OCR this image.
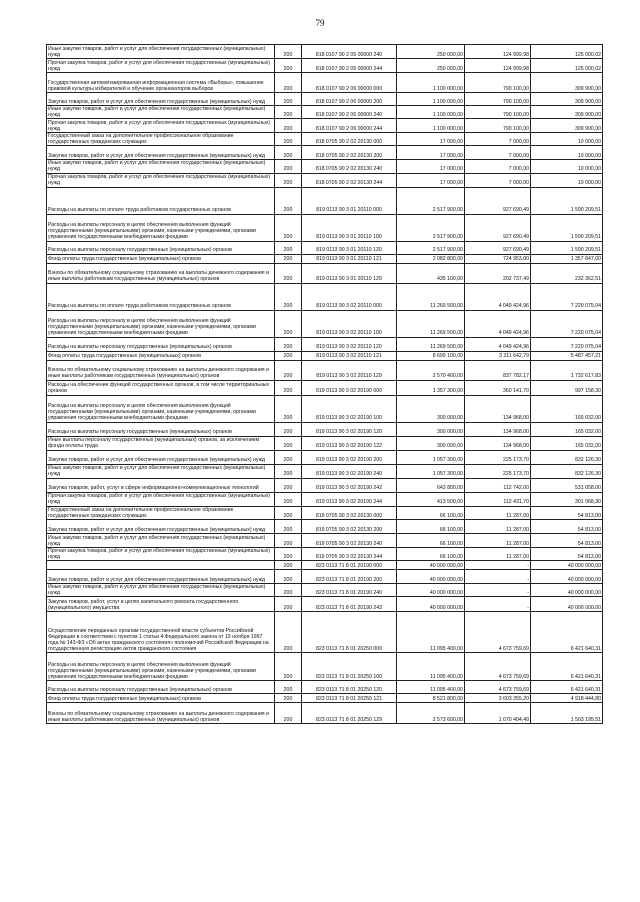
79
Иные закупки товаров, работ и услуг для обеспечения государственных (муниципальных) нужд	200	818 0107 90 2 05 00000 240	250 000,00	124 999,98	125 000,02
Прочая закупка товаров, работ и услуг для обеспечения государственных (муниципальных) нужд	200	818 0107 90 2 05 00000 244	250 000,00	124 999,98	125 000,02
Государственная автоматизированная информационная система «Выборы», повышение правовой культуры избирателей и обучение организаторов выборов	200	818 0107 90 2 06 00000 000	1 100 000,00	790 100,00	309 900,00
Закупка товаров, работ и услуг для обеспечения государственных (муниципальных) нужд	200	818 0107 90 2 06 00000 200	1 100 000,00	790 100,00	309 900,00
Иные закупки товаров, работ и услуг для обеспечения государственных (муниципальных) нужд	200	818 0107 90 2 06 00000 240	1 100 000,00	790 100,00	309 900,00
Прочая закупка товаров, работ и услуг для обеспечения государственных (муниципальных) нужд	200	818 0107 90 2 06 00000 244	1 100 000,00	790 100,00	309 900,00
Государственный заказ на дополнительное профессиональное образование государственных гражданских служащих	200	818 0705 90 2 02 20130 000	17 000,00	7 000,00	10 000,00
Закупка товаров, работ и услуг для обеспечения государственных (муниципальных) нужд	200	818 0705 90 2 02 20130 200	17 000,00	7 000,00	10 000,00
Иные закупки товаров, работ и услуг для обеспечения государственных (муниципальных) нужд	200	818 0705 90 2 02 20130 240	17 000,00	7 000,00	10 000,00
Прочая закупка товаров, работ и услуг для обеспечения государственных (муниципальных) нужд	200	818 0705 90 2 02 20130 244	17 000,00	7 000,00	10 000,00
Расходы на выплаты по оплате труда работников государственных органов	200	819 0113 90 3 01 20110 000	2 517 900,00	927 690,49	1 590 209,51
Расходы на выплаты персоналу в целях обеспечения выполнения функций государственными (муниципальными) органами, казенными учреждениями, органами управления государственными внебюджетными фондами	200	819 0113 90 3 01 20110 100	2 517 900,00	927 690,49	1 590 209,51
Расходы на выплаты персоналу государственных (муниципальных) органов	200	819 0113 90 3 01 20110 120	2 517 900,00	927 690,49	1 590 209,51
Фонд оплаты труда государственных (муниципальных) органов	200	819 0113 90 3 01 20110 121	2 082 800,00	724 953,00	1 357 847,00
Взносы по обязательному социальному страхованию на выплаты денежного содержания и иные выплаты работникам государственных (муниципальных) органов	200	819 0113 90 3 01 20110 129	435 100,00	202 737,49	232 362,51
Расходы на выплаты по оплате труда работников государственных органов	200	819 0113 90 3 02 20110 000	11 269 500,00	4 049 424,96	7 220 075,04
Расходы на выплаты персоналу в целях обеспечения выполнения функций государственными (муниципальными) органами, казенными учреждениями, органами управления государственными внебюджетными фондами	200	819 0113 90 3 02 20110 100	11 269 500,00	4 049 424,96	7 220 075,04
Расходы на выплаты персоналу государственных (муниципальных) органов	200	819 0113 90 3 02 20110 120	11 269 500,00	4 049 424,96	7 220 075,04
Фонд оплаты труда государственных (муниципальных) органов	200	819 0113 90 3 02 20110 121	8 699 100,00	3 211 642,79	5 487 457,21
Взносы по обязательному социальному страхованию на выплаты денежного содержания и иные выплаты работникам государственных (муниципальных) органов	200	819 0113 90 3 02 20110 129	2 570 400,00	837 782,17	1 732 617,83
Расходы на обеспечение функций государственных органов, в том числе территориальных органов	200	819 0113 90 3 02 20190 000	1 357 300,00	360 141,70	997 158,30
Расходы на выплаты персоналу в целях обеспечения выполнения функций государственными (муниципальными) органами, казенными учреждениями, органами управления государственными внебюджетными фондами	200	819 0113 90 3 02 20190 100	300 000,00	134 968,00	165 032,00
Расходы на выплаты персоналу государственных (муниципальных) органов	200	819 0113 90 3 02 20190 120	300 000,00	134 968,00	165 032,00
Иные выплаты персоналу государственных (муниципальных) органов, за исключением фонда оплаты труда	200	819 0113 90 3 02 20190 122	300 000,00	134 968,00	165 032,00
Закупка товаров, работ и услуг для обеспечения государственных (муниципальных) нужд	200	819 0113 90 3 02 20190 200	1 057 300,00	225 173,70	832 126,30
Иные закупки товаров, работ и услуг для обеспечения государственных (муниципальных) нужд	200	819 0113 90 3 02 20190 240	1 057 300,00	225 173,70	832 126,30
Закупка товаров, работ, услуг в сфере информационно-коммуникационных технологий	200	819 0113 90 3 02 20190 242	643 800,00	112 742,00	531 058,00
Прочая закупка товаров, работ и услуг для обеспечения государственных (муниципальных) нужд	200	819 0113 90 3 02 20190 244	413 500,00	112 431,70	301 068,30
Государственный заказ на дополнительное профессиональное образование государственных гражданских служащих	200	819 0705 90 3 02 20130 000	66 100,00	11 287,00	54 813,00
Закупка товаров, работ и услуг для обеспечения государственных (муниципальных) нужд	200	819 0705 90 3 02 20130 200	66 100,00	11 287,00	54 813,00
Иные закупки товаров, работ и услуг для обеспечения государственных (муниципальных) нужд	200	819 0705 90 3 02 20130 240	66 100,00	11 287,00	54 813,00
Прочая закупка товаров, работ и услуг для обеспечения государственных (муниципальных) нужд	200	819 0705 90 3 02 20130 244	66 100,00	11 287,00	54 813,00
	200	823 0113 71 8 01 20190 000	40 000 000,00	-	40 000 000,00
Закупка товаров, работ и услуг для обеспечения государственных (муниципальных) нужд	200	823 0113 71 8 01 20190 200	40 000 000,00	-	40 000 000,00
Иные закупки товаров, работ и услуг для обеспечения государственных (муниципальных) нужд	200	823 0113 71 8 01 20190 240	40 000 000,00	-	40 000 000,00
Закупка товаров, работ, услуг в целях капитального ремонта государственного (муниципального) имущества	200	823 0113 71 8 01 20190 243	40 000 000,00	-	40 000 000,00
Осуществление переданных органам государственной власти субъектов Российской Федерации в соответствии с пунктом 1 статьи 4 Федерального закона от 15 ноября 1997 года № 143-ФЗ «Об актах гражданского состояния» полномочий Российской Федерации на государственную регистрацию актов гражданского состояния	200	823 0113 71 8 01 20250 000	11 095 400,00	4 673 759,69	6 421 640,31
Расходы на выплаты персоналу в целях обеспечения выполнения функций государственными (муниципальными) органами, казенными учреждениями, органами управления государственными внебюджетными фондами	200	823 0113 71 8 01 20250 100	11 095 400,00	4 673 759,69	6 421 640,31
Расходы на выплаты персоналу государственных (муниципальных) органов	200	823 0113 71 8 01 20250 120	11 095 400,00	4 673 759,69	6 421 640,31
Фонд оплаты труда государственных (муниципальных) органов	200	823 0113 71 8 01 20250 121	8 521 800,00	3 603 355,20	4 918 444,80
Взносы по обязательному социальному страхованию на выплаты денежного содержания и иные выплаты работникам государственных (муниципальных) органов	200	823 0113 71 8 01 20250 129	2 573 600,00	1 070 404,49	1 503 195,51
